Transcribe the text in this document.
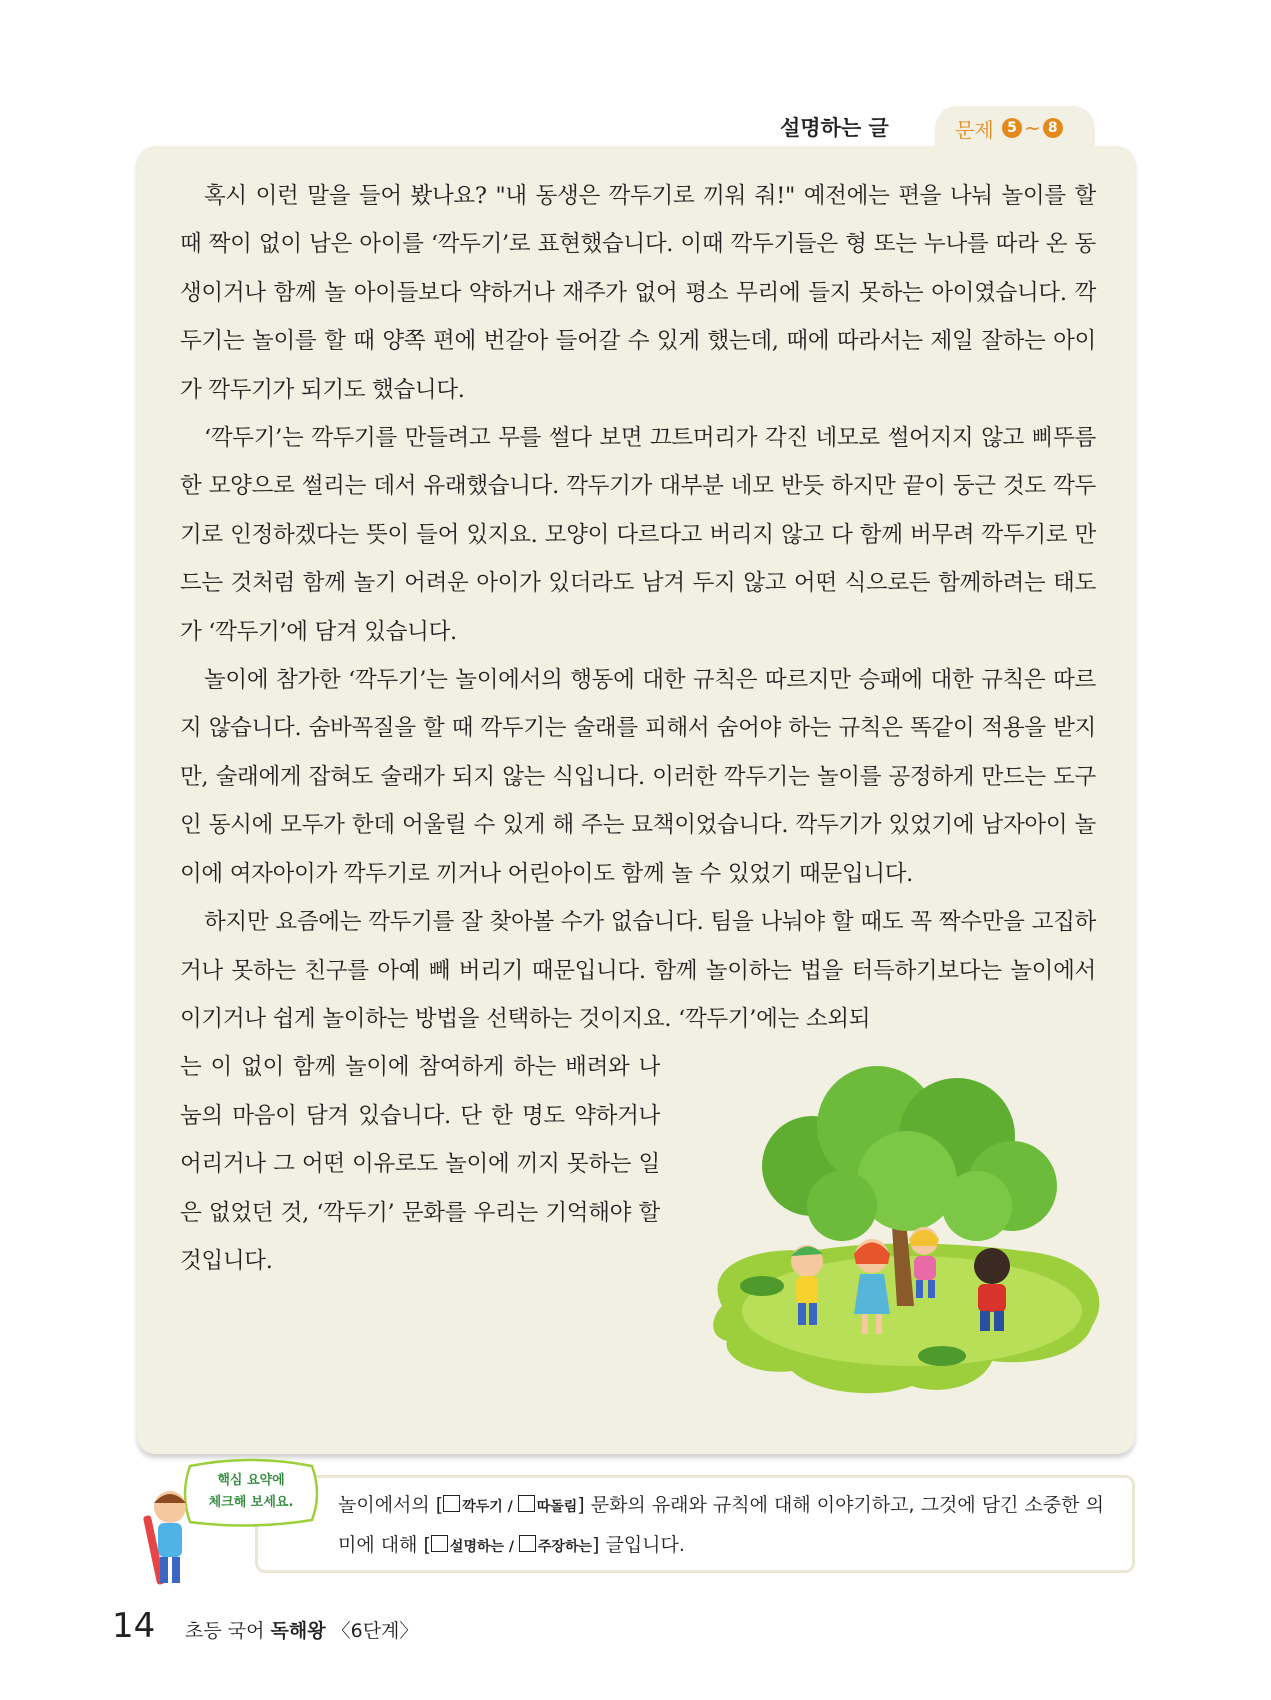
설명하는 글	문제
5 ~ 8

혹시 이런 말을 들어 봤나요? "내 동생은 깍두기로 끼워 줘!" 예전에는 편을 나눠 놀이를 할 때 짝이 없이 남은 아이를 ‘깍두기’로 표현했습니다. 이때 깍두기들은 형 또는 누나를 따라 온 동생이거나 함께 놀 아이들보다 약하거나 재주가 없어 평소 무리에 들지 못하는 아이였습니다. 깍두기는 놀이를 할 때 양쪽 편에 번갈아 들어갈 수 있게 했는데, 때에 따라서는 제일 잘하는 아이가 깍두기가 되기도 했습니다.

‘깍두기’는 깍두기를 만들려고 무를 썰다 보면 끄트머리가 각진 네모로 썰어지지 않고 삐뚜름한 모양으로 썰리는 데서 유래했습니다. 깍두기가 대부분 네모 반듯 하지만 끝이 둥근 것도 깍두기로 인정하겠다는 뜻이 들어 있지요. 모양이 다르다고 버리지 않고 다 함께 버무려 깍두기로 만드는 것처럼 함께 놀기 어려운 아이가 있더라도 남겨 두지 않고 어떤 식으로든 함께하려는 태도가 ‘깍두기’에 담겨 있습니다.

놀이에 참가한 ‘깍두기’는 놀이에서의 행동에 대한 규칙은 따르지만 승패에 대한 규칙은 따르지 않습니다. 숨바꼭질을 할 때 깍두기는 술래를 피해서 숨어야 하는 규칙은 똑같이 적용을 받지만, 술래에게 잡혀도 술래가 되지 않는 식입니다. 이러한 깍두기는 놀이를 공정하게 만드는 도구인 동시에 모두가 한데 어울릴 수 있게 해 주는 묘책이었습니다. 깍두기가 있었기에 남자아이 놀이에 여자아이가 깍두기로 끼거나 어린아이도 함께 놀 수 있었기 때문입니다.

하지만 요즘에는 깍두기를 잘 찾아볼 수가 없습니다. 팀을 나눠야 할 때도 꼭 짝수만을 고집하거나 못하는 친구를 아예 빼 버리기 때문입니다. 함께 놀이하는 법을 터득하기보다는 놀이에서 이기거나 쉽게 놀이하는 방법을 선택하는 것이지요. ‘깍두기’에는 소외되

는 이 없이 함께 놀이에 참여하게 하는 배려와 나눔의 마음이 담겨 있습니다. 단 한 명도 약하거나 어리거나 그 어떤 이유로도 놀이에 끼지 못하는 일은 없었던 것, ‘깍두기’ 문화를 우리는 기억해야 할 것입니다.

놀이에서의 [ 깍두기 / 따돌림] 문화의 유래와 규칙에 대해 이야기하고, 그것에 담긴 소중한 의미에 대해 [ 설명하는 / 주장하는] 글입니다.
핵심 요약에
체크해 보세요.
14 초등 국어 독해왕 〈6단계〉
